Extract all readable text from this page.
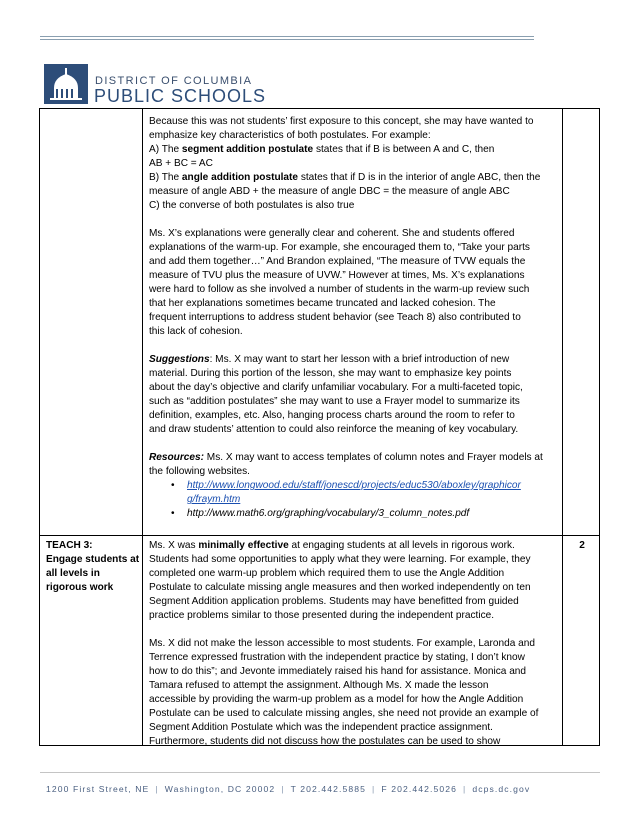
DISTRICT OF COLUMBIA
PUBLIC SCHOOLS

Because this was not students’ first exposure to this concept, she may have wanted to

emphasize key characteristics of both postulates. For example:

A) The segment addition postulate states that if B is between A and C, then

AB + BC = AC

B) The angle addition postulate states that if D is in the interior of angle ABC, then the

measure of angle ABD + the measure of angle DBC = the measure of angle ABC

C) the converse of both postulates is also true

Ms. X’s explanations were generally clear and coherent. She and students offered

explanations of the warm-up. For example, she encouraged them to, “Take your parts

and add them together…” And Brandon explained, “The measure of TVW equals the

measure of TVU plus the measure of UVW.” However at times, Ms. X’s explanations

were hard to follow as she involved a number of students in the warm-up review such

that her explanations sometimes became truncated and lacked cohesion. The

frequent interruptions to address student behavior (see Teach 8) also contributed to

this lack of cohesion.

Suggestions: Ms. X may want to start her lesson with a brief introduction of new

material. During this portion of the lesson, she may want to emphasize key points

about the day’s objective and clarify unfamiliar vocabulary. For a multi-faceted topic,

such as “addition postulates” she may want to use a Frayer model to summarize its

definition, examples, etc. Also, hanging process charts around the room to refer to

and draw students’ attention to could also reinforce the meaning of key vocabulary.

Resources: Ms. X may want to access templates of column notes and Frayer models at

the following websites.

• http://www.longwood.edu/staff/jonescd/projects/educ530/aboxley/graphicor
g/fraym.htm
• http://www.math6.org/graphing/vocabulary/3_column_notes.pdf

TEACH 3:

Engage students at

all levels in

rigorous work

Ms. X was minimally effective at engaging students at all levels in rigorous work.

Students had some opportunities to apply what they were learning. For example, they

completed one warm-up problem which required them to use the Angle Addition

Postulate to calculate missing angle measures and then worked independently on ten

Segment Addition application problems. Students may have benefitted from guided

practice problems similar to those presented during the independent practice.

Ms. X did not make the lesson accessible to most students. For example, Laronda and

Terrence expressed frustration with the independent practice by stating, I don’t know

how to do this”; and Jevonte immediately raised his hand for assistance. Monica and

Tamara refused to attempt the assignment. Although Ms. X made the lesson

accessible by providing the warm-up problem as a model for how the Angle Addition

Postulate can be used to calculate missing angles, she need not provide an example of

Segment Addition Postulate which was the independent practice assignment.

Furthermore, students did not discuss how the postulates can be used to show

2
1200 First Street, NE | Washington, DC 20002 | T 202.442.5885 | F 202.442.5026 | dcps.dc.gov
